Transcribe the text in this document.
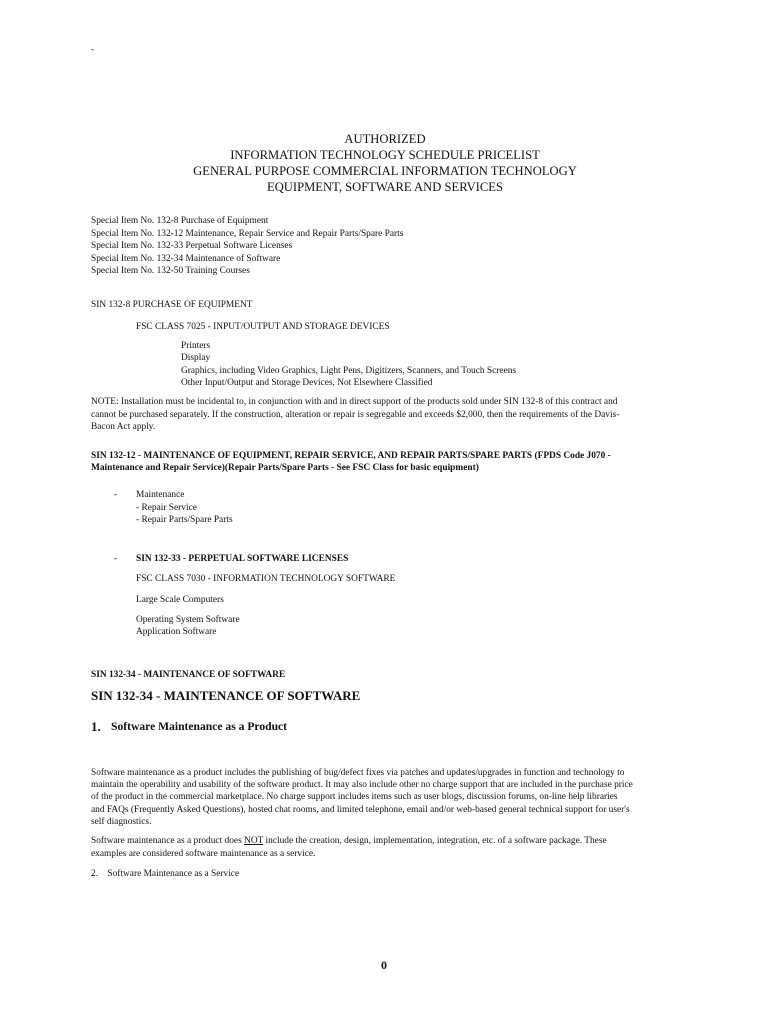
-
AUTHORIZED
INFORMATION TECHNOLOGY SCHEDULE PRICELIST
GENERAL PURPOSE COMMERCIAL INFORMATION TECHNOLOGY
EQUIPMENT, SOFTWARE AND SERVICES
Special Item No. 132-8 Purchase of Equipment
Special Item No. 132-12 Maintenance, Repair Service and Repair Parts/Spare Parts
Special Item No. 132-33 Perpetual Software Licenses
Special Item No. 132-34 Maintenance of Software
Special Item No. 132-50 Training Courses
SIN 132-8 PURCHASE OF EQUIPMENT
FSC CLASS 7025 - INPUT/OUTPUT AND STORAGE DEVICES
Printers
Display
Graphics, including Video Graphics, Light Pens, Digitizers, Scanners, and Touch Screens
Other Input/Output and Storage Devices, Not Elsewhere Classified
NOTE: Installation must be incidental to, in conjunction with and in direct support of the products sold under SIN 132-8 of this contract and
cannot be purchased separately. If the construction, alteration or repair is segregable and exceeds $2,000, then the requirements of the Davis-
Bacon Act apply.
SIN 132-12 - MAINTENANCE OF EQUIPMENT, REPAIR SERVICE, AND REPAIR PARTS/SPARE PARTS (FPDS Code J070 -
Maintenance and Repair Service)(Repair Parts/Spare Parts - See FSC Class for basic equipment)
- Maintenance
- Repair Service
- Repair Parts/Spare Parts
- SIN 132-33 - PERPETUAL SOFTWARE LICENSES
FSC CLASS 7030 - INFORMATION TECHNOLOGY SOFTWARE
Large Scale Computers
Operating System Software
Application Software
SIN 132-34 - MAINTENANCE OF SOFTWARE
SIN 132-34 - MAINTENANCE OF SOFTWARE
1. Software Maintenance as a Product
Software maintenance as a product includes the publishing of bug/defect fixes via patches and updates/upgrades in function and technology to
maintain the operability and usability of the software product. It may also include other no charge support that are included in the purchase price
of the product in the commercial marketplace. No charge support includes items such as user blogs, discussion forums, on-line help libraries
and FAQs (Frequently Asked Questions), hosted chat rooms, and limited telephone, email and/or web-based general technical support for user's
self diagnostics.
Software maintenance as a product does NOT include the creation, design, implementation, integration, etc. of a software package. These
examples are considered software maintenance as a service.
2.    Software Maintenance as a Service
0
